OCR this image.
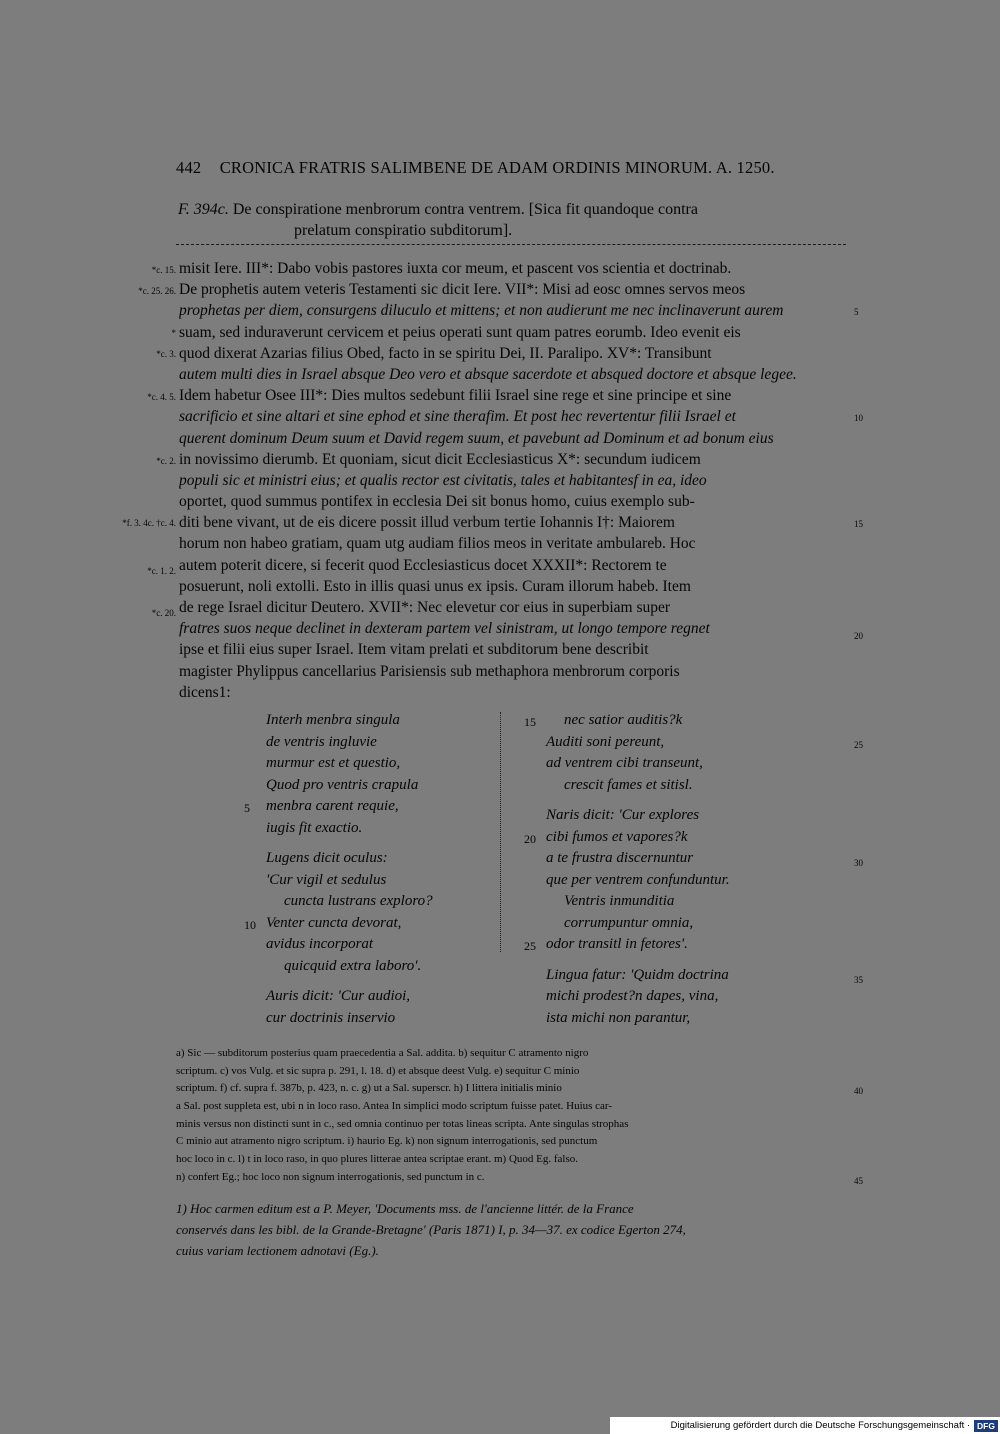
442 CRONICA FRATRIS SALIMBENE DE ADAM ORDINIS MINORUM. A. 1250.
F. 394c. De conspiratione menbrorum contra ventrem. [Sica fit quandoque contra
prelatum conspiratio subditorum].
*c. 15.
*c. 25. 26.
*
*c. 3.
*c. 4. 5.
*c. 2.
*f. 3. 4c. †c. 4.
*c. 1. 2.
*c. 20.
5
10
15
20
25
30
35
40
45
misit Iere. III*: Dabo vobis pastores iuxta cor meum, et pascent vos scientia et doctrinab.
De prophetis autem veteris Testamenti sic dicit Iere. VII*: Misi ad eosc omnes servos meos
prophetas per diem, consurgens diluculo et mittens; et non audierunt me nec inclinaverunt aurem
suam, sed induraverunt cervicem et peius operati sunt quam patres eorumb. Ideo evenit eis
quod dixerat Azarias filius Obed, facto in se spiritu Dei, II. Paralipo. XV*: Transibunt
autem multi dies in Israel absque Deo vero et absque sacerdote et absqued doctore et absque legee.
Idem habetur Osee III*: Dies multos sedebunt filii Israel sine rege et sine principe et sine
sacrificio et sine altari et sine ephod et sine therafim. Et post hec revertentur filii Israel et
querent dominum Deum suum et David regem suum, et pavebunt ad Dominum et ad bonum eius
in novissimo dierumb. Et quoniam, sicut dicit Ecclesiasticus X*: secundum iudicem
populi sic et ministri eius; et qualis rector est civitatis, tales et habitantesf in ea, ideo
oportet, quod summus pontifex in ecclesia Dei sit bonus homo, cuius exemplo sub-
diti bene vivant, ut de eis dicere possit illud verbum tertie Iohannis I†: Maiorem
horum non habeo gratiam, quam utg audiam filios meos in veritate ambulareb. Hoc
autem poterit dicere, si fecerit quod Ecclesiasticus docet XXXII*: Rectorem te
posuerunt, noli extolli. Esto in illis quasi unus ex ipsis. Curam illorum habeb. Item
de rege Israel dicitur Deutero. XVII*: Nec elevetur cor eius in superbiam super
fratres suos neque declinet in dexteram partem vel sinistram, ut longo tempore regnet
ipse et filii eius super Israel. Item vitam prelati et subditorum bene describit
magister Phylippus cancellarius Parisiensis sub methaphora menbrorum corporis
dicens1:
Interh menbra singula
de ventris ingluvie
murmur est et questio,
Quod pro ventris crapula
5 menbra carent requie,
iugis fit exactio.
Lugens dicit oculus:
'Cur vigil et sedulus
cuncta lustrans exploro?
10 Venter cuncta devorat,
avidus incorporat
quicquid extra laboro'.
Auris dicit: 'Cur audioi,
cur doctrinis inservio
15 nec satior auditis?k
Auditi soni pereunt,
ad ventrem cibi transeunt,
crescit fames et sitisl.
Naris dicit: 'Cur explores
20 cibi fumos et vapores?k
a te frustra discernuntur
que per ventrem confunduntur.
Ventris inmunditia
corrumpuntur omnia,
25 odor transitl in fetores'.
Lingua fatur: 'Quidm doctrina
michi prodest?n dapes, vina,
ista michi non parantur,
a) Sic — subditorum posterius quam praecedentia a Sal. addita. b) sequitur C atramento nigro
scriptum. c) vos Vulg. et sic supra p. 291, l. 18. d) et absque deest Vulg. e) sequitur C minio
scriptum. f) cf. supra f. 387b, p. 423, n. c. g) ut a Sal. superscr. h) I littera initialis minio
a Sal. post suppleta est, ubi n in loco raso. Antea In simplici modo scriptum fuisse patet. Huius car-
minis versus non distincti sunt in c., sed omnia continuo per totas lineas scripta. Ante singulas strophas
C minio aut atramento nigro scriptum. i) haurio Eg. k) non signum interrogationis, sed punctum
hoc loco in c. l) t in loco raso, in quo plures litterae antea scriptae erant. m) Quod Eg. falso.
n) confert Eg.; hoc loco non signum interrogationis, sed punctum in c.
1) Hoc carmen editum est a P. Meyer, 'Documents mss. de l'ancienne littér. de la France
conservés dans les bibl. de la Grande-Bretagne' (Paris 1871) I, p. 34—37. ex codice Egerton 274,
cuius variam lectionem adnotavi (Eg.).
Digitalisierung gefördert durch die Deutsche Forschungsgemeinschaft · DFG
